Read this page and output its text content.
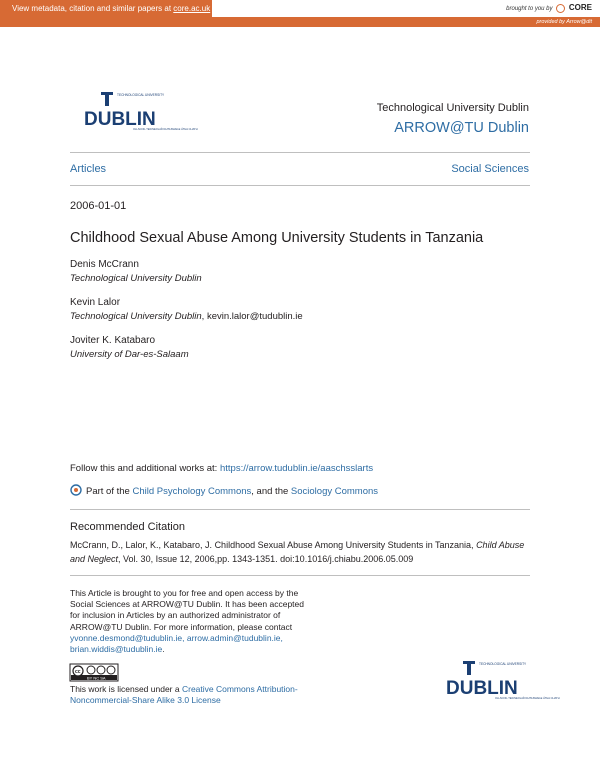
View metadata, citation and similar papers at core.ac.uk	brought to you by CORE
provided by Arrow@dit
TECHNOLOGICAL UNIVERSITY
DUBLIN
OLLSCOIL TEICNEOLAÍOCHTA BHAILE ÁTHA CLIATH
Technological University Dublin
ARROW@TU Dublin
Articles	Social Sciences
2006-01-01
Childhood Sexual Abuse Among University Students in Tanzania
Denis McCrann
Technological University Dublin
Kevin Lalor
Technological University Dublin, kevin.lalor@tudublin.ie
Joviter K. Katabaro
University of Dar-es-Salaam
Follow this and additional works at: https://arrow.tudublin.ie/aaschsslarts
Part of the Child Psychology Commons, and the Sociology Commons
Recommended Citation
McCrann, D., Lalor, K., Katabaro, J. Childhood Sexual Abuse Among University Students in Tanzania, Child Abuse and Neglect, Vol. 30, Issue 12, 2006,pp. 1343-1351. doi:10.1016/j.chiabu.2006.05.009
This Article is brought to you for free and open access by the Social Sciences at ARROW@TU Dublin. It has been accepted for inclusion in Articles by an authorized administrator of ARROW@TU Dublin. For more information, please contact
yvonne.desmond@tudublin.ie, arrow.admin@tudublin.ie,
brian.widdis@tudublin.ie.
cc
BY NC SA
This work is licensed under a Creative Commons Attribution-Noncommercial-Share Alike 3.0 License
TECHNOLOGICAL UNIVERSITY
DUBLIN
OLLSCOIL TEICNEOLAÍOCHTA BHAILE ÁTHA CLIATH
